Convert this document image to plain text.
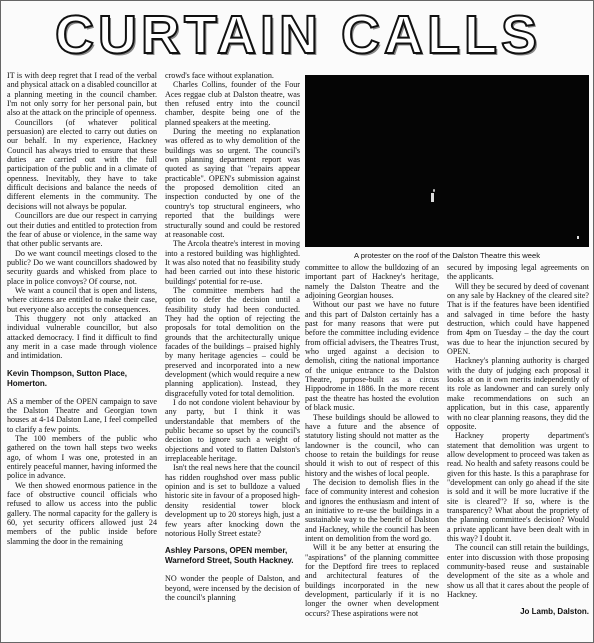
CURTAIN CALLS

IT is with deep regret that I read of the verbal and physical attack on a disabled councillor at a planning meeting in the council chamber. I'm not only sorry for her personal pain, but also at the attack on the principle of openness.

Councillors (of whatever political persuasion) are elected to carry out duties on our behalf. In my experience, Hackney Council has always tried to ensure that these duties are carried out with the full participation of the public and in a climate of openness. Inevitably, they have to take difficult decisions and balance the needs of different elements in the community. The decisions will not always be popular.

Councillors are due our respect in carrying out their duties and entitled to protection from the fear of abuse or violence, in the same way that other public servants are.

Do we want council meetings closed to the public? Do we want councillors shadowed by security guards and whisked from place to place in police convoys? Of course, not.

We want a council that is open and listens, where citizens are entitled to make their case, but everyone also accepts the consequences.

This thuggery not only attacked an individual vulnerable councillor, but also attacked democracy. I find it difficult to find any merit in a case made through violence and intimidation.

Kevin Thompson, Sutton Place, Homerton.

AS a member of the OPEN campaign to save the Dalston Theatre and Georgian town houses at 4-14 Dalston Lane, I feel compelled to clarify a few points.

The 100 members of the public who gathered on the town hall steps two weeks ago, of whom I was one, protested in an entirely peaceful manner, having informed the police in advance.

We then showed enormous patience in the face of obstructive council officials who refused to allow us access into the public gallery. The normal capacity for the gallery is 60, yet security officers allowed just 24 members of the public inside before slamming the door in the remaining

crowd's face without explanation.

Charles Collins, founder of the Four Aces reggae club at Dalston theatre, was then refused entry into the council chamber, despite being one of the planned speakers at the meeting.

During the meeting no explanation was offered as to why demolition of the buildings was so urgent. The council's own planning department report was quoted as saying that "repairs appear practicable". OPEN's submission against the proposed demolition cited an inspection conducted by one of the country's top structural engineers, who reported that the buildings were structurally sound and could be restored at reasonable cost.

The Arcola theatre's interest in moving into a restored building was highlighted. It was also noted that no feasibility study had been carried out into these historic buildings' potential for re-use.

The committee members had the option to defer the decision until a feasibility study had been conducted. They had the option of rejecting the proposals for total demolition on the grounds that the architecturally unique facades of the buildings – praised highly by many heritage agencies – could be preserved and incorporated into a new development (which would require a new planning application). Instead, they disgracefully voted for total demolition.

I do not condone violent behaviour by any party, but I think it was understandable that members of the public became so upset by the council's decision to ignore such a weight of objections and voted to flatten Dalston's irreplaceable heritage.

Isn't the real news here that the council has ridden roughshod over mass public opinion and is set to bulldoze a valued historic site in favour of a proposed high-density residential tower block development up to 20 storeys high, just a few years after knocking down the notorious Holly Street estate?

Ashley Parsons, OPEN member, Warneford Street, South Hackney.

NO wonder the people of Dalston, and beyond, were incensed by the decision of the council's planning

A protester on the roof of the Dalston Theatre this week

committee to allow the bulldozing of an important part of Hackney's heritage, namely the Dalston Theatre and the adjoining Georgian houses.

Without our past we have no future and this part of Dalston certainly has a past for many reasons that were put before the committee including evidence from official advisers, the Theatres Trust, who urged against a decision to demolish, citing the national importance of the unique entrance to the Dalston Theatre, purpose-built as a circus Hippodrome in 1886. In the more recent past the theatre has hosted the evolution of black music.

These buildings should be allowed to have a future and the absence of statutory listing should not matter as the landowner is the council, who can choose to retain the buildings for reuse should it wish to out of respect of this history and the wishes of local people.

The decision to demolish flies in the face of community interest and cohesion and ignores the enthusiasm and intent of an initiative to re-use the buildings in a sustainable way to the benefit of Dalston and Hackney, while the council has been intent on demolition from the word go.

Will it be any better at ensuring the "aspirations" of the planning committee for the Deptford fire trees to replaced and architectural features of the buildings incorporated in the new development, particularly if it is no longer the owner when development occurs? These aspirations were not

secured by imposing legal agreements on the applicants.

Will they be secured by deed of covenant on any sale by Hackney of the cleared site? That is if the features have been identified and salvaged in time before the hasty destruction, which could have happened from 4pm on Tuesday – the day the court was due to hear the injunction secured by OPEN.

Hackney's planning authority is charged with the duty of judging each proposal it looks at on it own merits independently of its role as landowner and can surely only make recommendations on such an application, but in this case, apparently with no clear planning reasons, they did the opposite.

Hackney property department's statement that demolition was urgent to allow development to proceed was taken as read. No health and safety reasons could be given for this haste. Is this a paraphrase for "development can only go ahead if the site is sold and it will be more lucrative if the site is cleared"? If so, where is the transparency? What about the propriety of the planning committee's decision? Would a private applicant have been dealt with in this way? I doubt it.

The council can still retain the buildings, enter into discussion with those proposing community-based reuse and sustainable development of the site as a whole and show us all that it cares about the people of Hackney.

Jo Lamb, Dalston.
